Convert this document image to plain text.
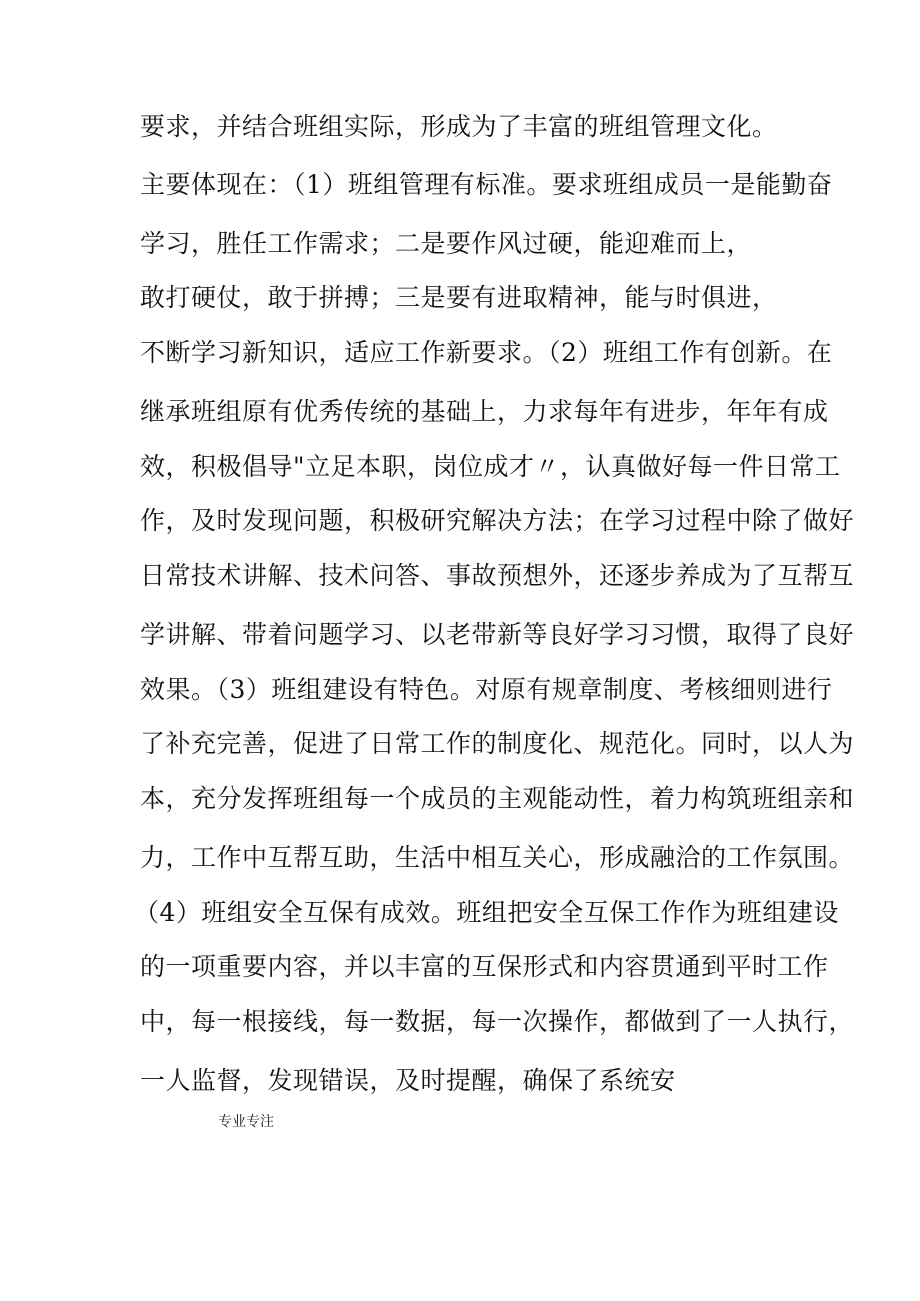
要求，并结合班组实际，形成为了丰富的班组管理文化。
主要体现在：（1）班组管理有标准。要求班组成员一是能勤奋
学习，胜任工作需求；二是要作风过硬，能迎难而上，
敢打硬仗，敢于拼搏；三是要有进取精神，能与时俱进，
不断学习新知识，适应工作新要求。（2）班组工作有创新。在
继承班组原有优秀传统的基础上，力求每年有进步，年年有成
效，积极倡导"立足本职，岗位成才〃，认真做好每一件日常工
作，及时发现问题，积极研究解决方法；在学习过程中除了做好
日常技术讲解、技术问答、事故预想外，还逐步养成为了互帮互
学讲解、带着问题学习、以老带新等良好学习习惯，取得了良好
效果。（3）班组建设有特色。对原有规章制度、考核细则进行
了补充完善，促进了日常工作的制度化、规范化。同时，以人为
本，充分发挥班组每一个成员的主观能动性，着力构筑班组亲和
力，工作中互帮互助，生活中相互关心，形成融洽的工作氛围。
（4）班组安全互保有成效。班组把安全互保工作作为班组建设
的一项重要内容，并以丰富的互保形式和内容贯通到平时工作
中，每一根接线，每一数据，每一次操作，都做到了一人执行，
一人监督，发现错误，及时提醒，确保了系统安
专业专注
